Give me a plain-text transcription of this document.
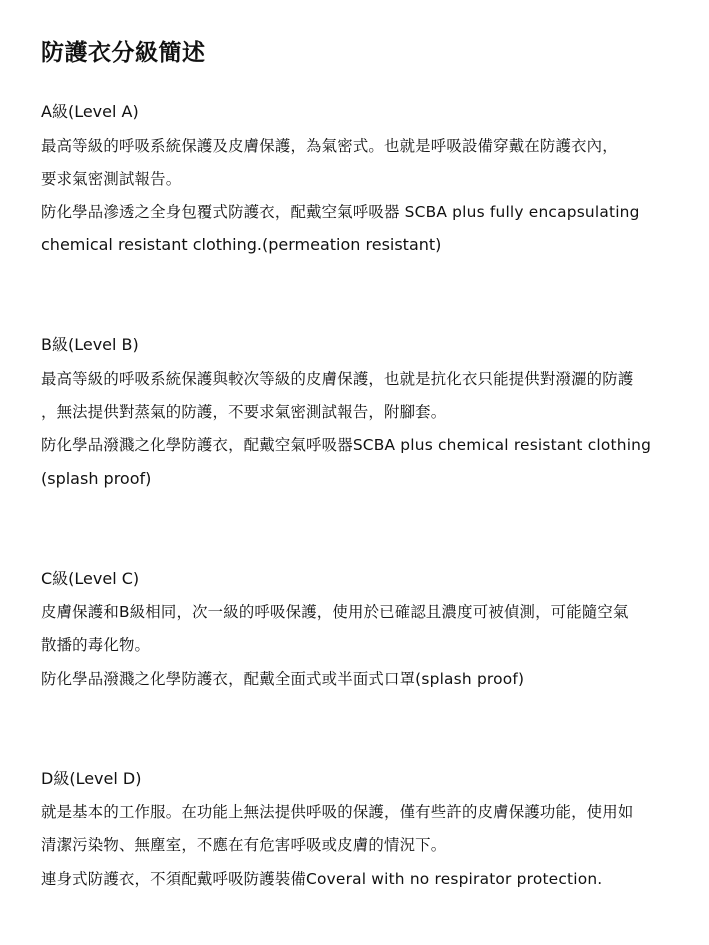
防護衣分級簡述
A級(Level A)
最高等級的呼吸系統保護及皮膚保護，為氣密式。也就是呼吸設備穿戴在防護衣內，
要求氣密測試報告。
防化學品滲透之全身包覆式防護衣，配戴空氣呼吸器 SCBA plus fully encapsulating
chemical resistant clothing.(permeation resistant)
B級(Level B)
最高等級的呼吸系統保護與較次等級的皮膚保護，也就是抗化衣只能提供對潑灑的防護
，無法提供對蒸氣的防護，不要求氣密測試報告，附腳套。
防化學品潑濺之化學防護衣，配戴空氣呼吸器SCBA plus chemical resistant clothing
(splash proof)
C級(Level C)
皮膚保護和B級相同，次一級的呼吸保護，使用於已確認且濃度可被偵測，可能隨空氣
散播的毒化物。
防化學品潑濺之化學防護衣，配戴全面式或半面式口罩(splash proof)
D級(Level D)
就是基本的工作服。在功能上無法提供呼吸的保護，僅有些許的皮膚保護功能，使用如
清潔污染物、無塵室，不應在有危害呼吸或皮膚的情況下。
連身式防護衣，不須配戴呼吸防護裝備Coveral with no respirator protection.
